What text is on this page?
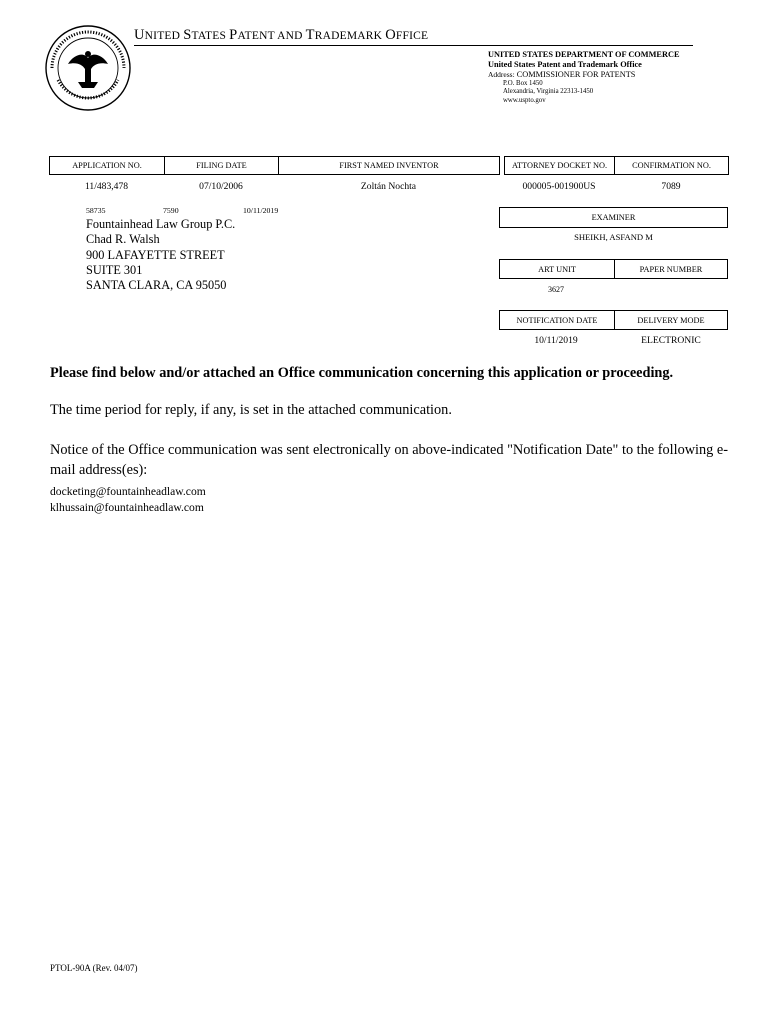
UNITED STATES PATENT AND TRADEMARK OFFICE
UNITED STATES DEPARTMENT OF COMMERCE
United States Patent and Trademark Office
Address: COMMISSIONER FOR PATENTS
P.O. Box 1450
Alexandria, Virginia 22313-1450
www.uspto.gov
APPLICATION NO.	FILING DATE	FIRST NAMED INVENTOR		ATTORNEY DOCKET NO.	CONFIRMATION NO.
11/483,478	07/10/2006	Zoltán Nochta	000005-001900US	7089
58735	7590	10/11/2019
Fountainhead Law Group P.C.
Chad R. Walsh
900 LAFAYETTE STREET
SUITE 301
SANTA CLARA, CA 95050
EXAMINER
SHEIKH, ASFAND M
ART UNIT	PAPER NUMBER
3627
NOTIFICATION DATE	DELIVERY MODE
10/11/2019	ELECTRONIC
Please find below and/or attached an Office communication concerning this application or proceeding.
The time period for reply, if any, is set in the attached communication.
Notice of the Office communication was sent electronically on above-indicated "Notification Date" to the following e-mail address(es):
docketing@fountainheadlaw.com
klhussain@fountainheadlaw.com
PTOL-90A (Rev. 04/07)
